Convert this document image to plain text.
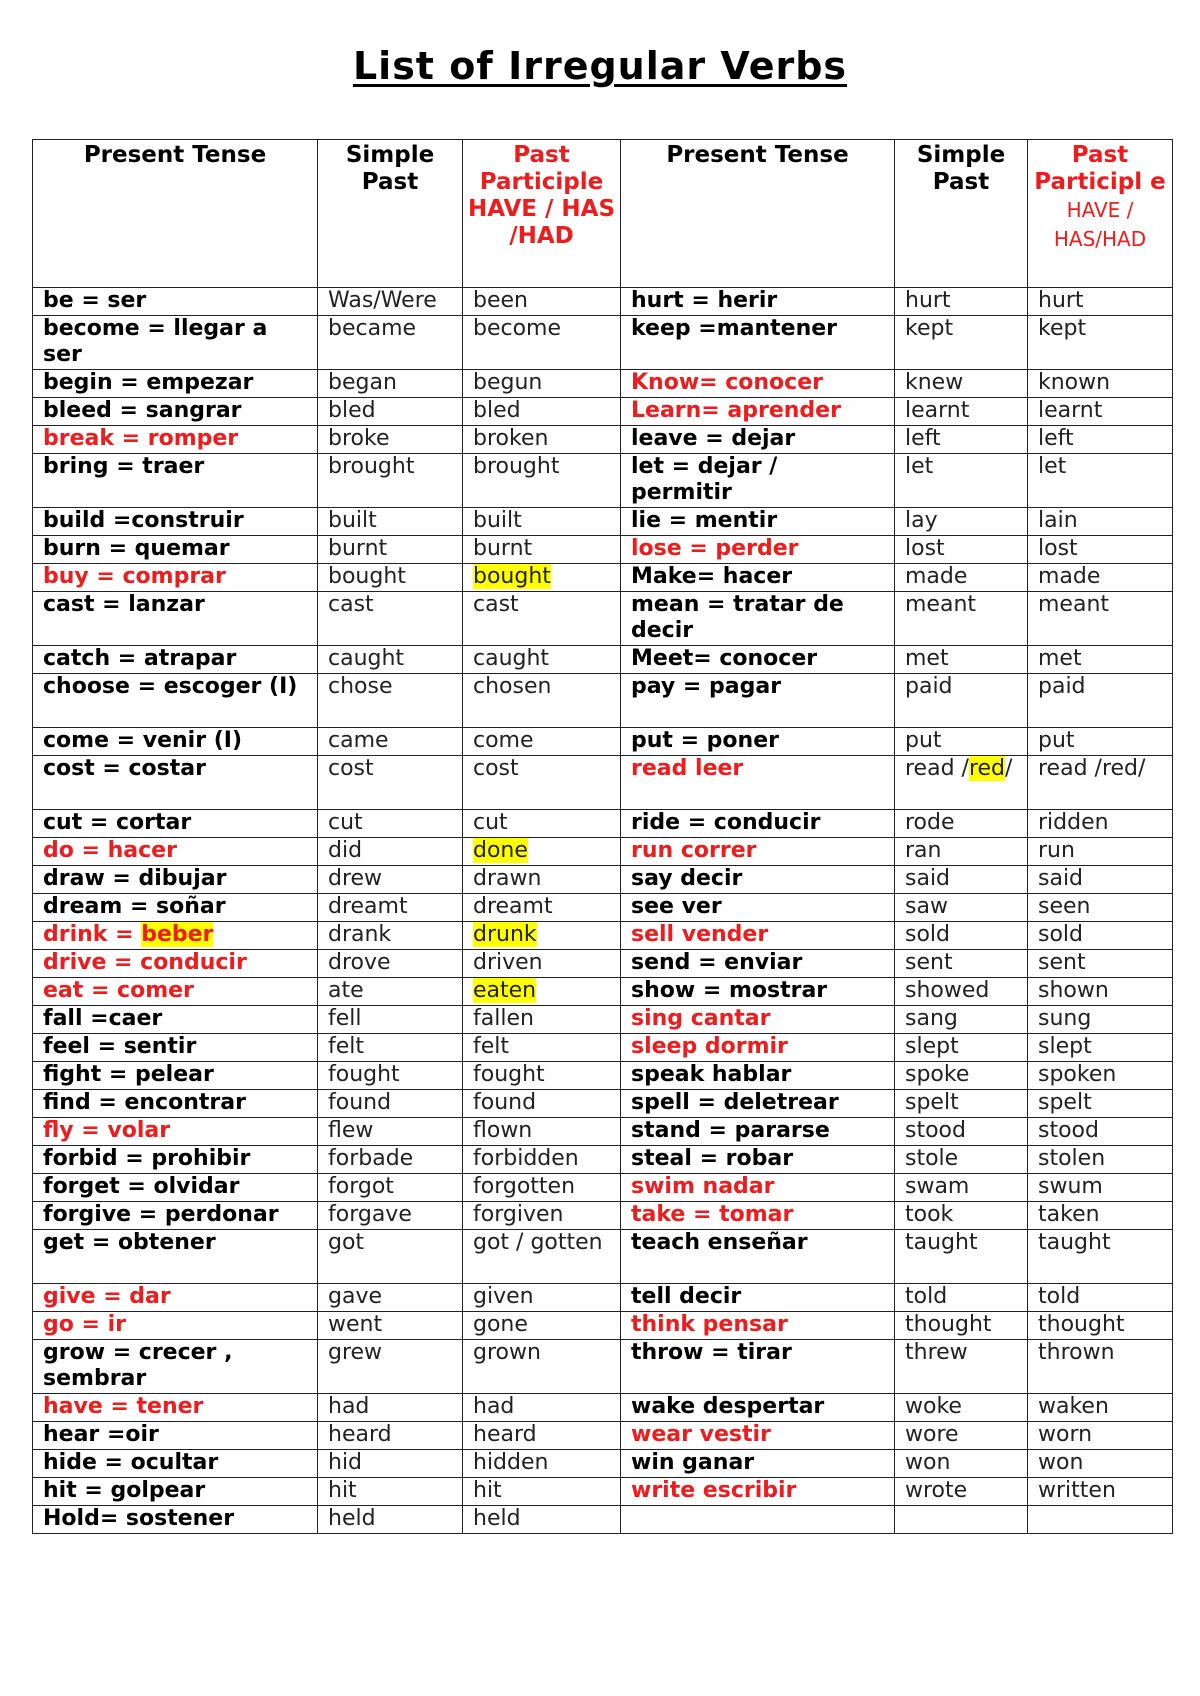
List of Irregular Verbs
Present Tense	Simple Past	Past Participle HAVE / HAS /HAD	Present Tense	Simple Past	Past Participl e
HAVE / HAS/HAD

be = ser	Was/Were	been	hurt = herir	hurt	hurt
become = llegar a ser	became	become	keep =mantener	kept	kept
begin = empezar	began	begun	Know= conocer	knew	known
bleed = sangrar	bled	bled	Learn= aprender	learnt	learnt
break = romper	broke	broken	leave = dejar	left	left
bring = traer	brought	brought	let = dejar / permitir	let	let
build =construir	built	built	lie = mentir	lay	lain
burn = quemar	burnt	burnt	lose = perder	lost	lost
buy = comprar	bought	bought	Make= hacer	made	made
cast = lanzar	cast	cast	mean = tratar de decir	meant	meant
catch = atrapar	caught	caught	Meet= conocer	met	met
choose = escoger (I)	chose	chosen	pay = pagar	paid	paid
come = venir (I)	came	come	put = poner	put	put
cost = costar	cost	cost	read leer	read /red/	read /red/
cut = cortar	cut	cut	ride = conducir	rode	ridden
do = hacer	did	done	run correr	ran	run
draw = dibujar	drew	drawn	say decir	said	said
dream = soñar	dreamt	dreamt	see ver	saw	seen
drink = beber	drank	drunk	sell vender	sold	sold
drive = conducir	drove	driven	send = enviar	sent	sent
eat = comer	ate	eaten	show = mostrar	showed	shown
fall =caer	fell	fallen	sing cantar	sang	sung
feel = sentir	felt	felt	sleep dormir	slept	slept
fight = pelear	fought	fought	speak hablar	spoke	spoken
find = encontrar	found	found	spell = deletrear	spelt	spelt
fly = volar	flew	flown	stand = pararse	stood	stood
forbid = prohibir	forbade	forbidden	steal = robar	stole	stolen
forget = olvidar	forgot	forgotten	swim nadar	swam	swum
forgive = perdonar	forgave	forgiven	take = tomar	took	taken
get = obtener	got	got / gotten	teach enseñar	taught	taught
give = dar	gave	given	tell decir	told	told
go = ir	went	gone	think pensar	thought	thought
grow = crecer , sembrar	grew	grown	throw = tirar	threw	thrown
have = tener	had	had	wake despertar	woke	waken
hear =oir	heard	heard	wear vestir	wore	worn
hide = ocultar	hid	hidden	win ganar	won	won
hit = golpear	hit	hit	write escribir	wrote	written
Hold= sostener	held	held			
